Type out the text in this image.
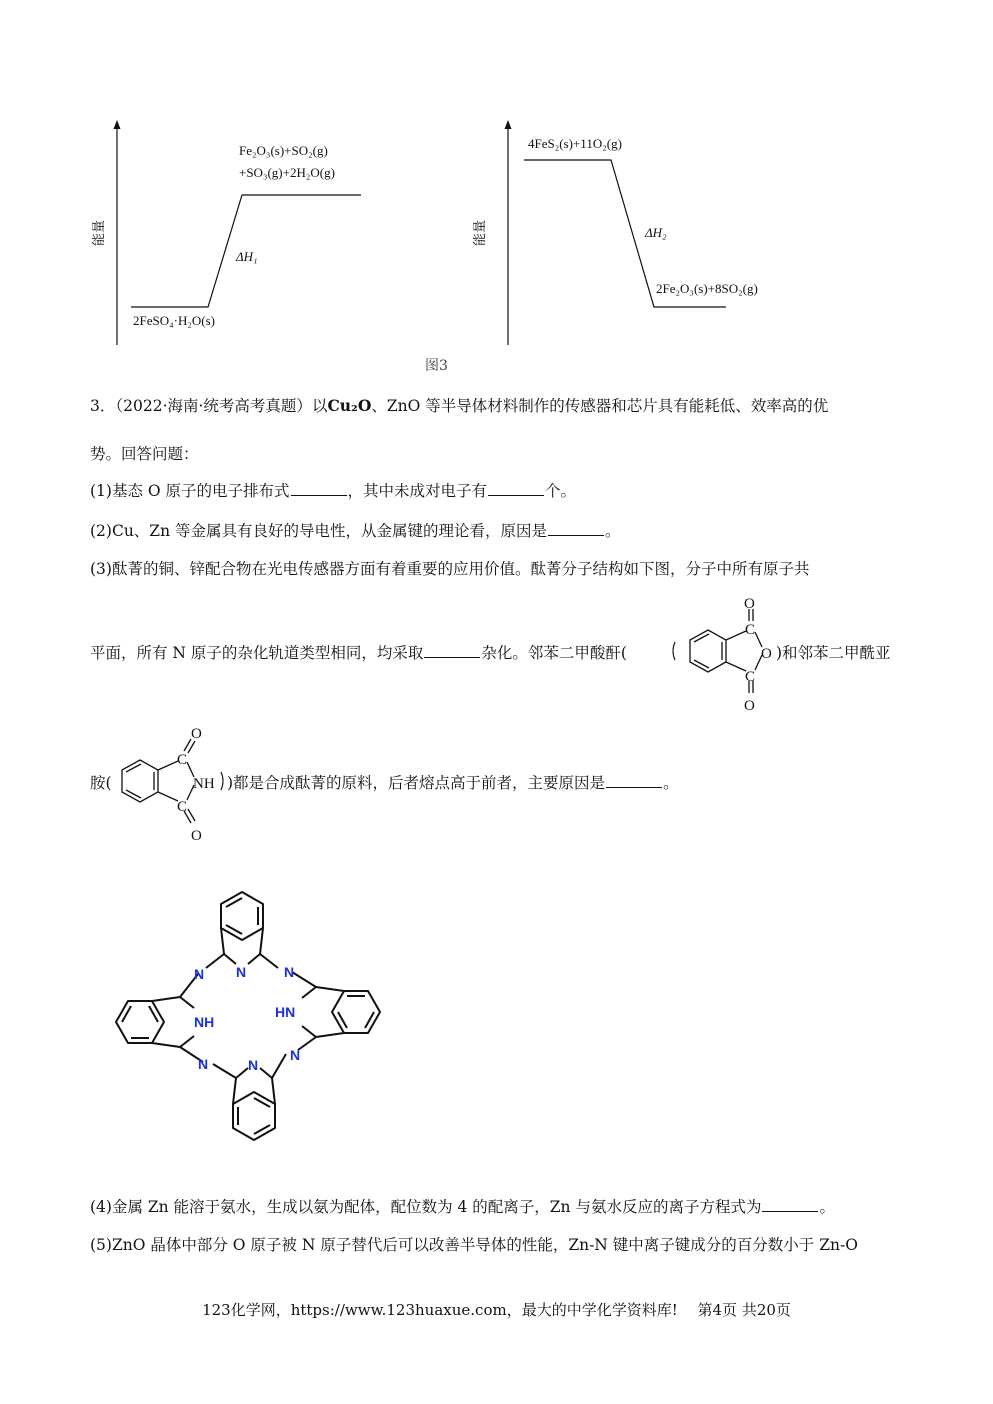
能量
Fe₂O₃(s)+SO₂(g)
+SO₃(g)+2H₂O(g)
ΔH₁
2FeSO₄·H₂O(s)
能量
4FeS₂(s)+11O₂(g)
ΔH₂
2Fe₂O₃(s)+8SO₂(g)
图3
3．（2022·海南·统考高考真题）以Cu₂O、ZnO 等半导体材料制作的传感器和芯片具有能耗低、效率高的优
势。回答问题：
(1)基态 O 原子的电子排布式	，其中未成对电子有	个。
(2)Cu、Zn 等金属具有良好的导电性，从金属键的理论看，原因是	。
(3)酞菁的铜、锌配合物在光电传感器方面有着重要的应用价值。酞菁分子结构如下图，分子中所有原子共
平面，所有 N 原子的杂化轨道类型相同，均采取	杂化。邻苯二甲酸酐(	)和邻苯二甲酰亚
O
C
O
C
O
胺(
O
C
NH
C
O
)都是合成酞菁的原料，后者熔点高于前者，主要原因是	。
N
N
N	N
N
N
NH
HN
(4)金属 Zn 能溶于氨水，生成以氨为配体，配位数为 4 的配离子，Zn 与氨水反应的离子方程式为	。
(5)ZnO 晶体中部分 O 原子被 N 原子替代后可以改善半导体的性能，Zn-N 键中离子键成分的百分数小于 Zn-O
123化学网，https://www.123huaxue.com，最大的中学化学资料库!　 第4页 共20页
